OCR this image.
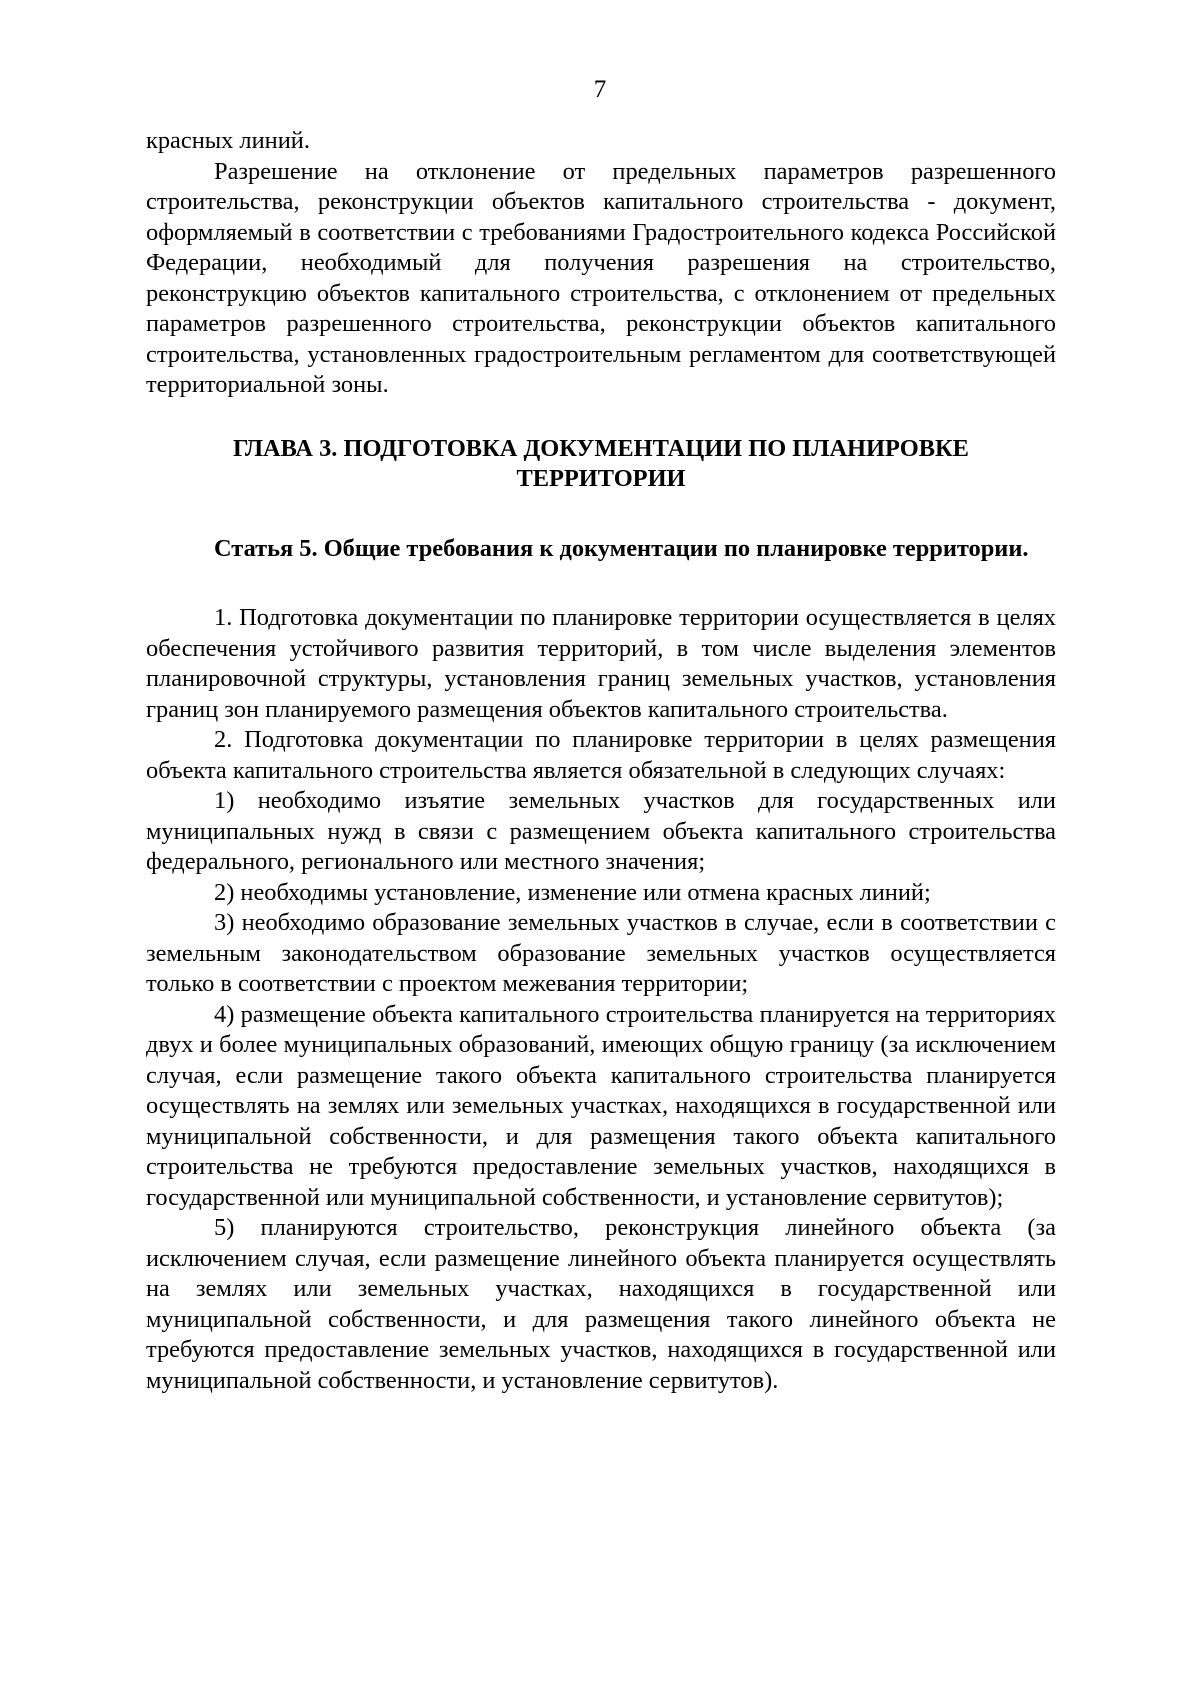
7

красных линий.

Разрешение на отклонение от предельных параметров разрешенного строительства, реконструкции объектов капитального строительства - документ, оформляемый в соответствии с требованиями Градостроительного кодекса Российской Федерации, необходимый для получения разрешения на строительство, реконструкцию объектов капитального строительства, с отклонением от предельных параметров разрешенного строительства, реконструкции объектов капитального строительства, установленных градостроительным регламентом для соответствующей территориальной зоны.

ГЛАВА 3. ПОДГОТОВКА ДОКУМЕНТАЦИИ ПО ПЛАНИРОВКЕ
ТЕРРИТОРИИ

Статья 5. Общие требования к документации по планировке территории.

1. Подготовка документации по планировке территории осуществляется в целях обеспечения устойчивого развития территорий, в том числе выделения элементов планировочной структуры, установления границ земельных участков, установления границ зон планируемого размещения объектов капитального строительства.

2. Подготовка документации по планировке территории в целях размещения объекта капитального строительства является обязательной в следующих случаях:

1) необходимо изъятие земельных участков для государственных или муниципальных нужд в связи с размещением объекта капитального строительства федерального, регионального или местного значения;

2) необходимы установление, изменение или отмена красных линий;

3) необходимо образование земельных участков в случае, если в соответствии с земельным законодательством образование земельных участков осуществляется только в соответствии с проектом межевания территории;

4) размещение объекта капитального строительства планируется на территориях двух и более муниципальных образований, имеющих общую границу (за исключением случая, если размещение такого объекта капитального строительства планируется осуществлять на землях или земельных участках, находящихся в государственной или муниципальной собственности, и для размещения такого объекта капитального строительства не требуются предоставление земельных участков, находящихся в государственной или муниципальной собственности, и установление сервитутов);

5) планируются строительство, реконструкция линейного объекта (за исключением случая, если размещение линейного объекта планируется осуществлять на землях или земельных участках, находящихся в государственной или муниципальной собственности, и для размещения такого линейного объекта не требуются предоставление земельных участков, находящихся в государственной или муниципальной собственности, и установление сервитутов).
